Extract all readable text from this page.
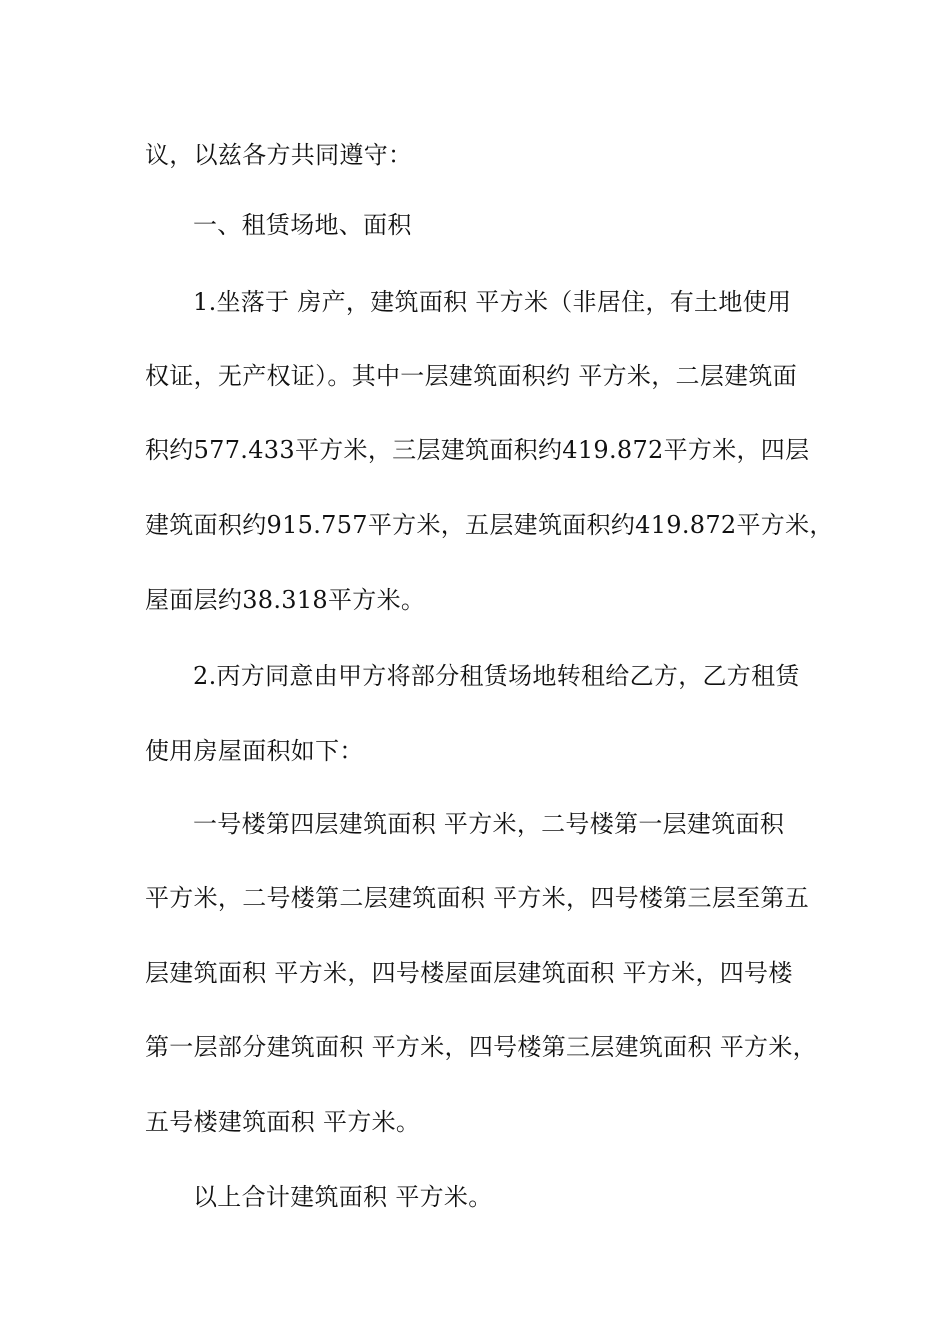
议，以兹各方共同遵守：
一、租赁场地、面积
1.坐落于 房产，建筑面积 平方米（非居住，有土地使用
权证，无产权证）。其中一层建筑面积约 平方米，二层建筑面
积约577.433平方米，三层建筑面积约419.872平方米，四层
建筑面积约915.757平方米，五层建筑面积约419.872平方米，
屋面层约38.318平方米。
2.丙方同意由甲方将部分租赁场地转租给乙方，乙方租赁
使用房屋面积如下：
一号楼第四层建筑面积 平方米，二号楼第一层建筑面积
平方米，二号楼第二层建筑面积 平方米，四号楼第三层至第五
层建筑面积 平方米，四号楼屋面层建筑面积 平方米，四号楼
第一层部分建筑面积 平方米，四号楼第三层建筑面积 平方米，
五号楼建筑面积 平方米。
以上合计建筑面积 平方米。
